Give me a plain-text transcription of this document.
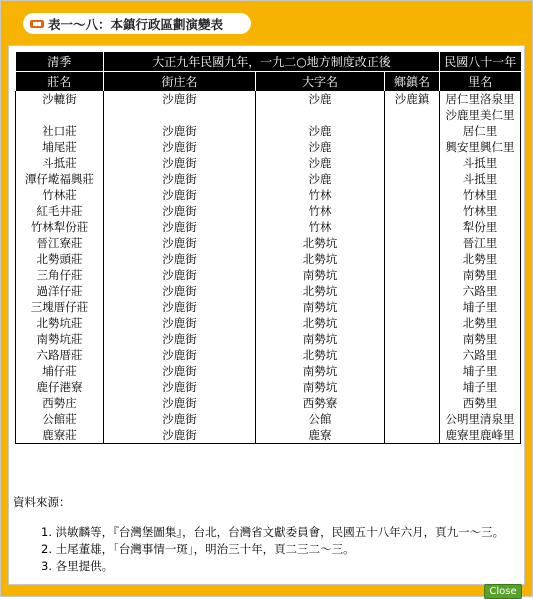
表一～八：本鎮行政區劃演變表
清季	大正九年民國九年，一九二○地方制度改正後			民國八十一年
莊名	街庄名	大字名	鄉鎮名	里名
沙轆街	沙鹿街	沙鹿	沙鹿鎮	居仁里洛泉里
				沙鹿里美仁里
社口莊	沙鹿街	沙鹿		居仁里
埔尾莊	沙鹿街	沙鹿		興安里興仁里
斗抵莊	沙鹿街	沙鹿		斗抵里
潭仔墘福興莊	沙鹿街	沙鹿		斗抵里
竹林莊	沙鹿街	竹林		竹林里
紅毛井莊	沙鹿街	竹林		竹林里
竹林犁份莊	沙鹿街	竹林		犁份里
晉江寮莊	沙鹿街	北勢坑		晉江里
北勢頭莊	沙鹿街	北勢坑		北勢里
三角仔莊	沙鹿街	南勢坑		南勢里
過洋仔莊	沙鹿街	北勢坑		六路里
三塊厝仔莊	沙鹿街	南勢坑		埔子里
北勢坑莊	沙鹿街	北勢坑		北勢里
南勢坑莊	沙鹿街	南勢坑		南勢里
六路厝莊	沙鹿街	北勢坑		六路里
埔仔莊	沙鹿街	南勢坑		埔子里
鹿仔港寮	沙鹿街	南勢坑		埔子里
西勢庄	沙鹿街	西勢寮		西勢里
公館莊	沙鹿街	公館		公明里清泉里
鹿寮莊	沙鹿街	鹿寮		鹿寮里鹿峰里
資料來源：
1. 洪敏麟等，『台灣堡圖集』，台北，台灣省文獻委員會，民國五十八年六月，頁九一～三。
2. 土尾董雄，「台灣事情一斑」，明治三十年，頁二三二～三。
3. 各里提供。
Close
